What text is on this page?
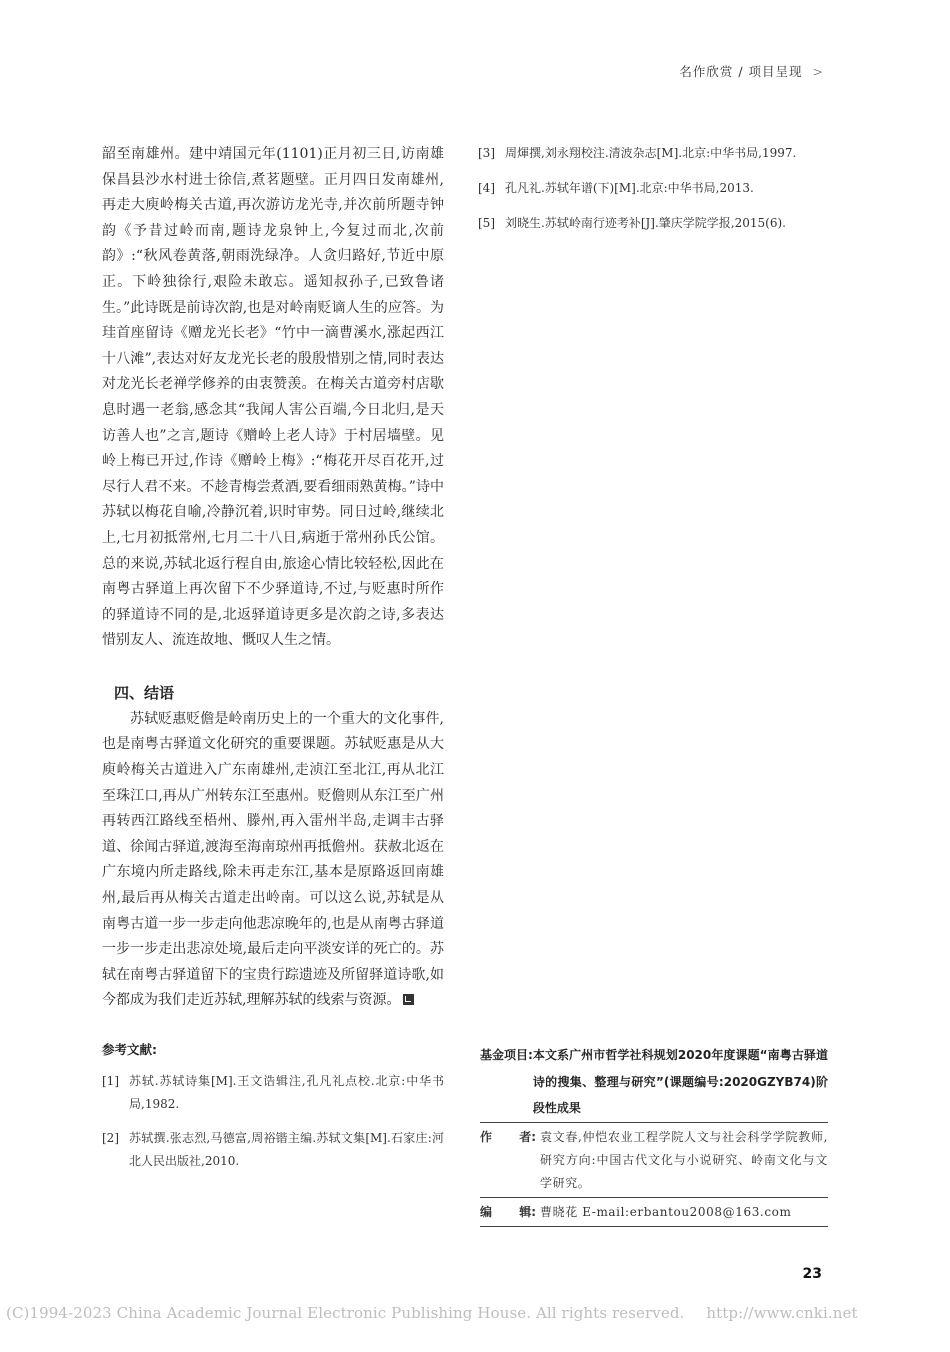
名作欣赏 ∕ 项目呈现 >

韶至南雄州。建中靖国元年(1101)正月初三日,访南雄保昌县沙水村进士徐信,煮茗题壁。正月四日发南雄州,再走大庾岭梅关古道,再次游访龙光寺,并次前所题寺钟韵《予昔过岭而南,题诗龙泉钟上,今复过而北,次前韵》:“秋风卷黄落,朝雨洗绿净。人贪归路好,节近中原正。下岭独徐行,艰险未敢忘。遥知叔孙子,已致鲁诸生。”此诗既是前诗次韵,也是对岭南贬谪人生的应答。为珪首座留诗《赠龙光长老》“竹中一滴曹溪水,涨起西江十八滩”,表达对好友龙光长老的殷殷惜别之情,同时表达对龙光长老禅学修养的由衷赞羡。在梅关古道旁村店歇息时遇一老翁,感念其“我闻人害公百端,今日北归,是天访善人也”之言,题诗《赠岭上老人诗》于村居墙壁。见岭上梅已开过,作诗《赠岭上梅》:“梅花开尽百花开,过尽行人君不来。不趁青梅尝煮酒,要看细雨熟黄梅。”诗中苏轼以梅花自喻,冷静沉着,识时审势。同日过岭,继续北上,七月初抵常州,七月二十八日,病逝于常州孙氏公馆。总的来说,苏轼北返行程自由,旅途心情比较轻松,因此在南粤古驿道上再次留下不少驿道诗,不过,与贬惠时所作的驿道诗不同的是,北返驿道诗更多是次韵之诗,多表达惜别友人、流连故地、慨叹人生之情。

四、结语

苏轼贬惠贬儋是岭南历史上的一个重大的文化事件,也是南粤古驿道文化研究的重要课题。苏轼贬惠是从大庾岭梅关古道进入广东南雄州,走浈江至北江,再从北江至珠江口,再从广州转东江至惠州。贬儋则从东江至广州再转西江路线至梧州、滕州,再入雷州半岛,走调丰古驿道、徐闻古驿道,渡海至海南琼州再抵儋州。获赦北返在广东境内所走路线,除未再走东江,基本是原路返回南雄州,最后再从梅关古道走出岭南。可以这么说,苏轼是从南粤古道一步一步走向他悲凉晚年的,也是从南粤古驿道一步一步走出悲凉处境,最后走向平淡安详的死亡的。苏轼在南粤古驿道留下的宝贵行踪遗迹及所留驿道诗歌,如今都成为我们走近苏轼,理解苏轼的线索与资源。

参考文献:
[1] 苏轼.苏轼诗集[M].王文诰辑注,孔凡礼点校.北京:中华书局,1982.
[2] 苏轼撰.张志烈,马德富,周裕锴主编.苏轼文集[M].石家庄:河北人民出版社,2010.
[3] 周煇撰,刘永翔校注.清波杂志[M].北京:中华书局,1997.
[4] 孔凡礼.苏轼年谱(下)[M].北京:中华书局,2013.
[5] 刘晓生.苏轼岭南行迹考补[J].肇庆学院学报,2015(6).
基金项目: 本文系广州市哲学社科规划2020年度课题“南粤古驿道诗的搜集、整理与研究”(课题编号:2020GZYB74)阶段性成果
作 者: 袁文春,仲恺农业工程学院人文与社会科学学院教师,研究方向:中国古代文化与小说研究、岭南文化与文学研究。
编 辑: 曹晓花 E-mail:erbantou2008@163.com
23
(C)1994-2023 China Academic Journal Electronic Publishing House. All rights reserved. http://www.cnki.net
